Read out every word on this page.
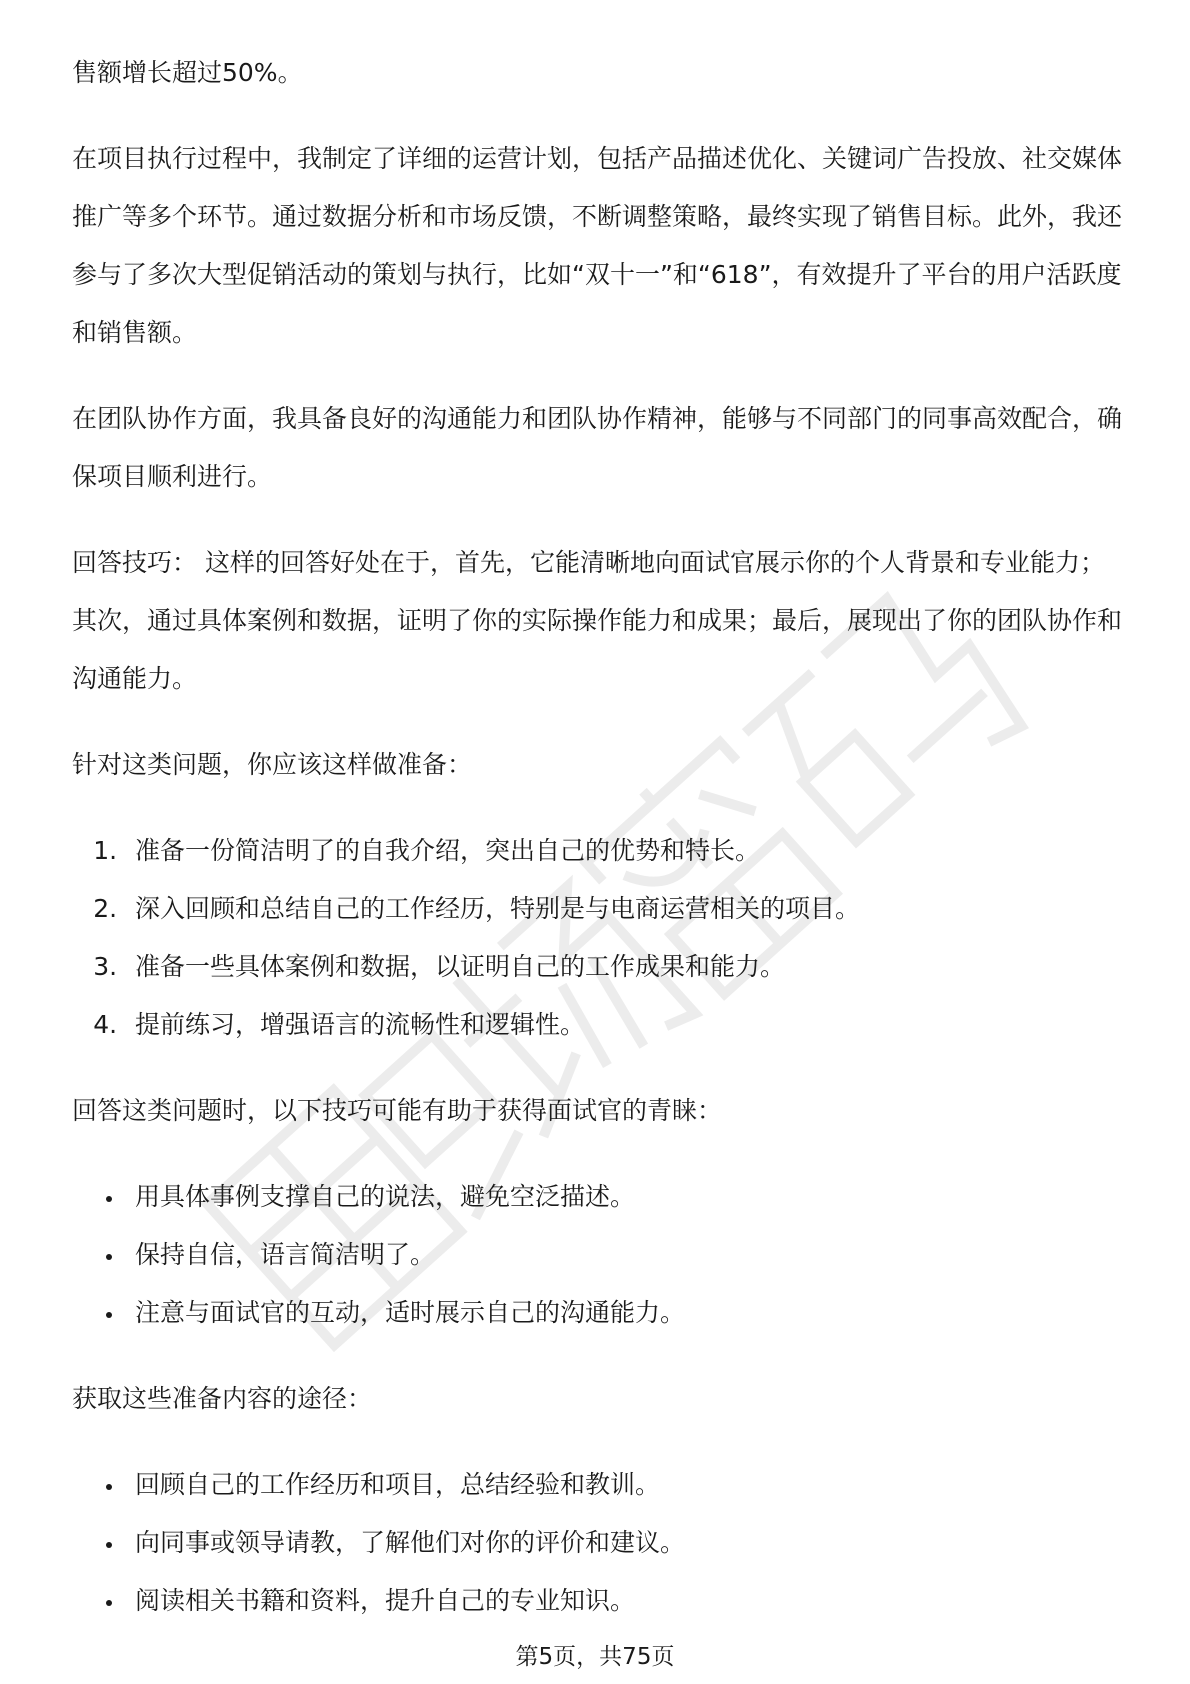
售额增长超过50%。

在项目执行过程中，我制定了详细的运营计划，包括产品描述优化、关键词广告投放、社交媒体推广等多个环节。通过数据分析和市场反馈，不断调整策略，最终实现了销售目标。此外，我还参与了多次大型促销活动的策划与执行，比如“双十一”和“618”，有效提升了平台的用户活跃度和销售额。

在团队协作方面，我具备良好的沟通能力和团队协作精神，能够与不同部门的同事高效配合，确保项目顺利进行。

回答技巧： 这样的回答好处在于，首先，它能清晰地向面试官展示你的个人背景和专业能力；其次，通过具体案例和数据，证明了你的实际操作能力和成果；最后，展现出了你的团队协作和沟通能力。

针对这类问题，你应该这样做准备：

1. 准备一份简洁明了的自我介绍，突出自己的优势和特长。
2. 深入回顾和总结自己的工作经历，特别是与电商运营相关的项目。
3. 准备一些具体案例和数据，以证明自己的工作成果和能力。
4. 提前练习，增强语言的流畅性和逻辑性。

回答这类问题时，以下技巧可能有助于获得面试官的青睐：

• 用具体事例支撑自己的说法，避免空泛描述。
• 保持自信，语言简洁明了。
• 注意与面试官的互动，适时展示自己的沟通能力。

获取这些准备内容的途径：

• 回顾自己的工作经历和项目，总结经验和教训。
• 向同事或领导请教，了解他们对你的评价和建议。
• 阅读相关书籍和资料，提升自己的专业知识。
第5页，共75页
